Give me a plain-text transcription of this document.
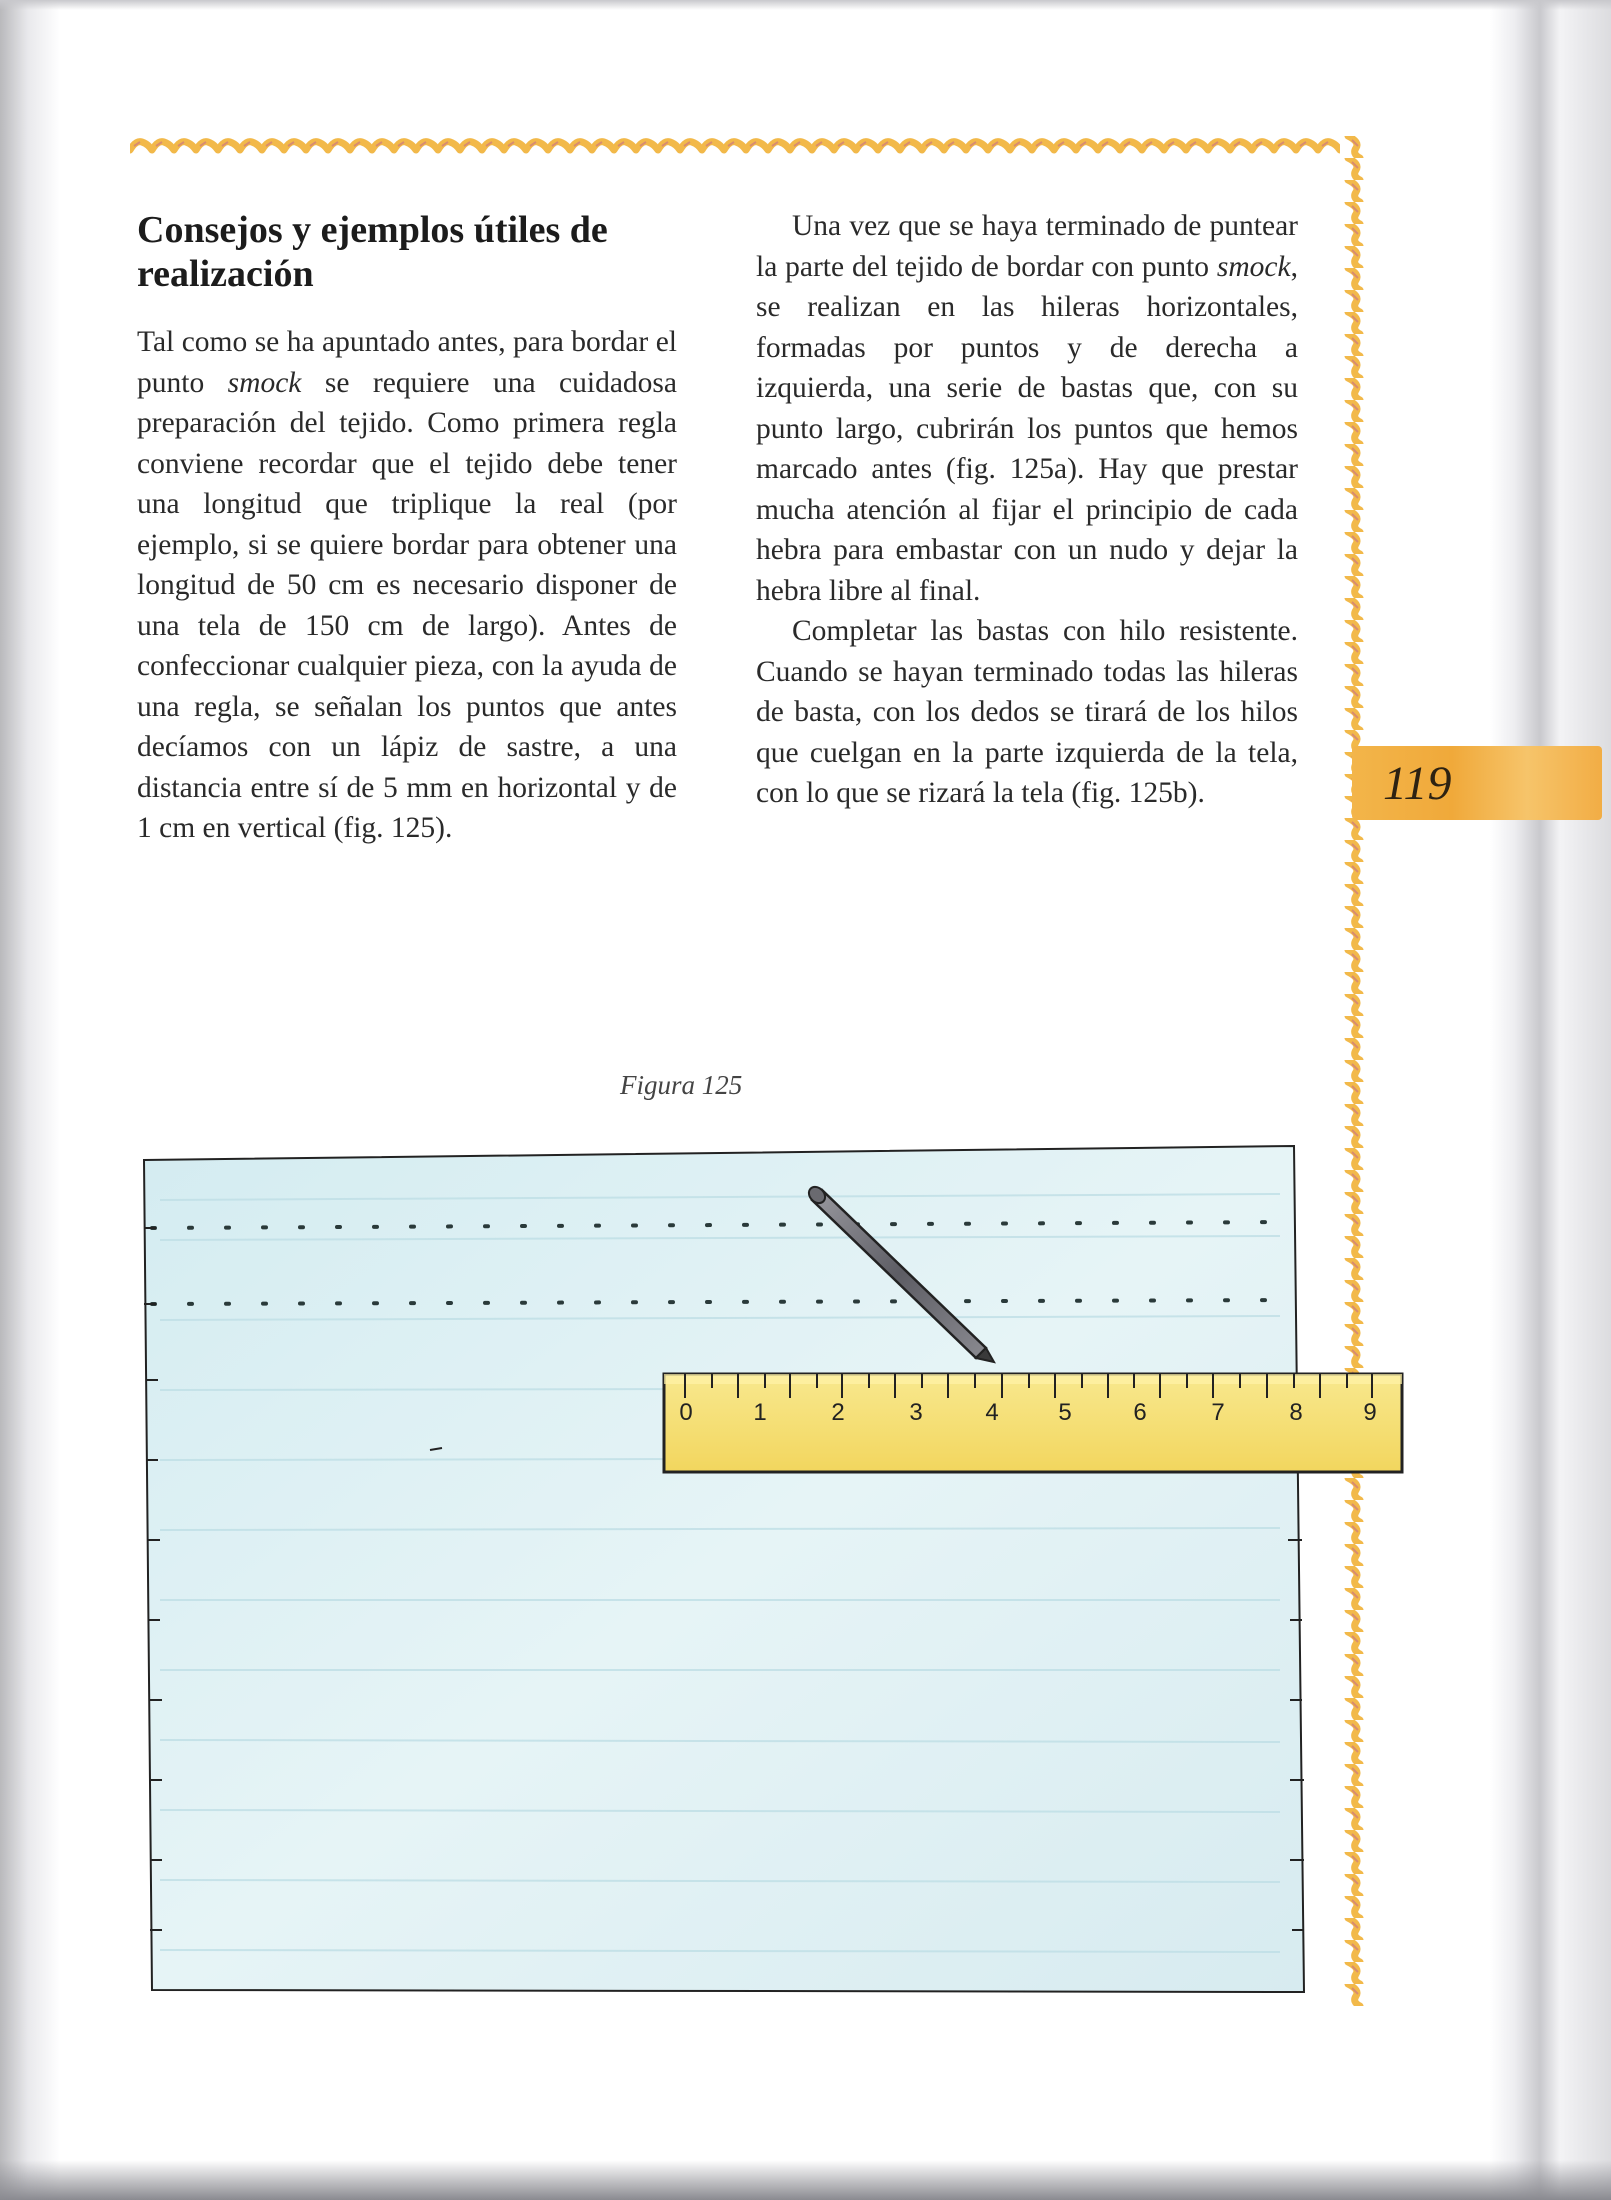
Consejos y ejemplos útiles de realización

Tal como se ha apuntado antes, para bordar el punto smock se requiere una cuidadosa preparación del tejido. Como primera regla conviene recordar que el tejido debe tener una longitud que triplique la real (por ejemplo, si se quiere bordar para obtener una longitud de 50 cm es necesario disponer de una tela de 150 cm de largo). Antes de confeccionar cualquier pieza, con la ayuda de una regla, se señalan los puntos que antes decíamos con un lápiz de sastre, a una distancia entre sí de 5 mm en horizontal y de 1 cm en vertical (fig. 125).

Una vez que se haya terminado de puntear la parte del tejido de bordar con punto smock, se realizan en las hileras horizontales, formadas por puntos y de derecha a izquierda, una serie de bastas que, con su punto largo, cubrirán los puntos que hemos marcado antes (fig. 125a). Hay que prestar mucha atención al fijar el principio de cada hebra para embastar con un nudo y dejar la hebra libre al final.

Completar las bastas con hilo resistente. Cuando se hayan terminado todas las hileras de basta, con los dedos se tirará de los hilos que cuelgan en la parte izquierda de la tela, con lo que se rizará la tela (fig. 125b).	119
Figura 125
0	1	2	3	4 5	6	7	8	9
